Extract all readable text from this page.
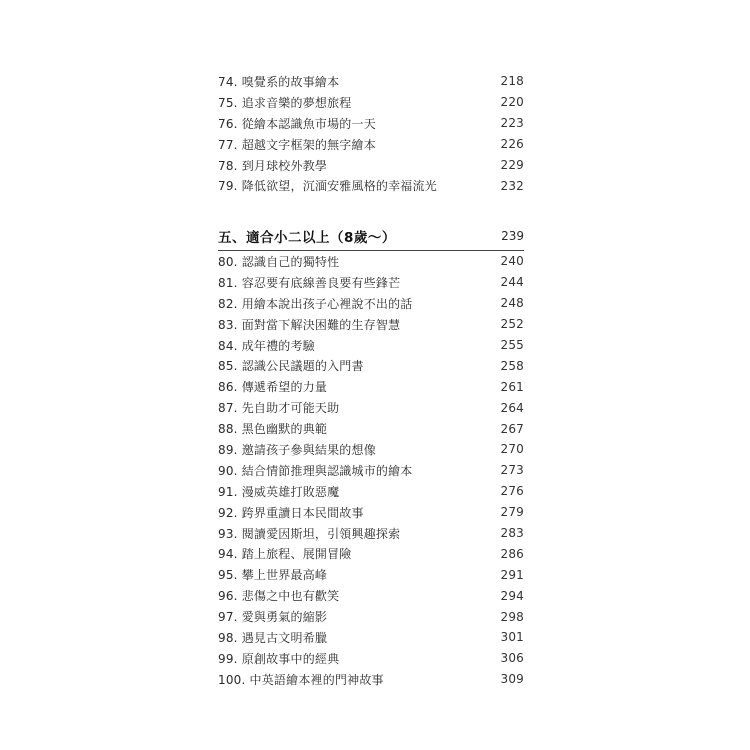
74. 嗅覺系的故事繪本	218
75. 追求音樂的夢想旅程	220
76. 從繪本認識魚市場的一天	223
77. 超越文字框架的無字繪本	226
78. 到月球校外教學	229
79. 降低欲望，沉湎安雅風格的幸福流光	232
五、適合小二以上（8歲～）	239
80. 認識自己的獨特性	240
81. 容忍要有底線善良要有些鋒芒	244
82. 用繪本說出孩子心裡說不出的話	248
83. 面對當下解決困難的生存智慧	252
84. 成年禮的考驗	255
85. 認識公民議題的入門書	258
86. 傳遞希望的力量	261
87. 先自助才可能天助	264
88. 黑色幽默的典範	267
89. 邀請孩子參與結果的想像	270
90. 結合情節推理與認識城市的繪本	273
91. 漫威英雄打敗惡魔	276
92. 跨界重讀日本民間故事	279
93. 閱讀愛因斯坦，引領興趣探索	283
94. 踏上旅程、展開冒險	286
95. 攀上世界最高峰	291
96. 悲傷之中也有歡笑	294
97. 愛與勇氣的縮影	298
98. 遇見古文明希臘	301
99. 原創故事中的經典	306
100. 中英語繪本裡的門神故事	309
